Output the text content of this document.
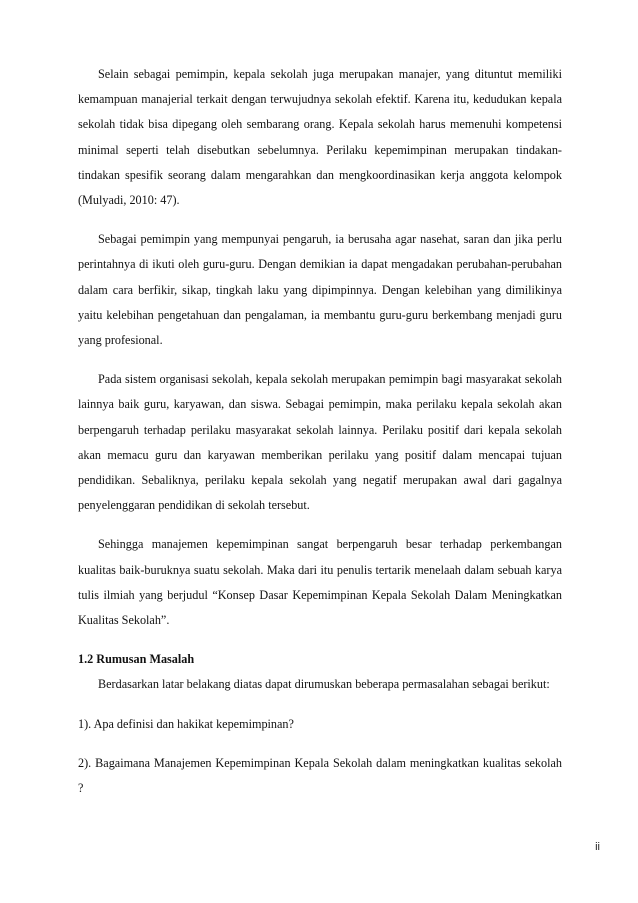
Selain sebagai pemimpin, kepala sekolah juga merupakan manajer, yang dituntut memiliki kemampuan manajerial terkait dengan terwujudnya sekolah efektif. Karena itu, kedudukan kepala sekolah tidak bisa dipegang oleh sembarang orang. Kepala sekolah harus memenuhi kompetensi minimal seperti telah disebutkan sebelumnya. Perilaku kepemimpinan merupakan tindakan-tindakan spesifik seorang dalam mengarahkan dan mengkoordinasikan kerja anggota kelompok (Mulyadi, 2010: 47).

Sebagai pemimpin yang mempunyai pengaruh, ia berusaha agar nasehat, saran dan jika perlu perintahnya di ikuti oleh guru-guru. Dengan demikian ia dapat mengadakan perubahan-perubahan dalam cara berfikir, sikap, tingkah laku yang dipimpinnya. Dengan kelebihan yang dimilikinya yaitu kelebihan pengetahuan dan pengalaman, ia membantu guru-guru berkembang menjadi guru yang profesional.

Pada sistem organisasi sekolah, kepala sekolah merupakan pemimpin bagi masyarakat sekolah lainnya baik guru, karyawan, dan siswa. Sebagai pemimpin, maka perilaku kepala sekolah akan berpengaruh terhadap perilaku masyarakat sekolah lainnya. Perilaku positif dari kepala sekolah akan memacu guru dan karyawan memberikan perilaku yang positif dalam mencapai tujuan pendidikan. Sebaliknya, perilaku kepala sekolah yang negatif merupakan awal dari gagalnya penyelenggaran pendidikan di sekolah tersebut.

Sehingga manajemen kepemimpinan sangat berpengaruh besar terhadap perkembangan kualitas baik-buruknya suatu sekolah. Maka dari itu penulis tertarik menelaah dalam sebuah karya tulis ilmiah yang berjudul “Konsep Dasar Kepemimpinan Kepala Sekolah Dalam Meningkatkan Kualitas Sekolah”.

1.2 Rumusan Masalah

Berdasarkan latar belakang diatas dapat dirumuskan beberapa permasalahan sebagai berikut:

1). Apa definisi dan hakikat kepemimpinan?

2). Bagaimana Manajemen Kepemimpinan Kepala Sekolah dalam meningkatkan kualitas sekolah ?

ii
